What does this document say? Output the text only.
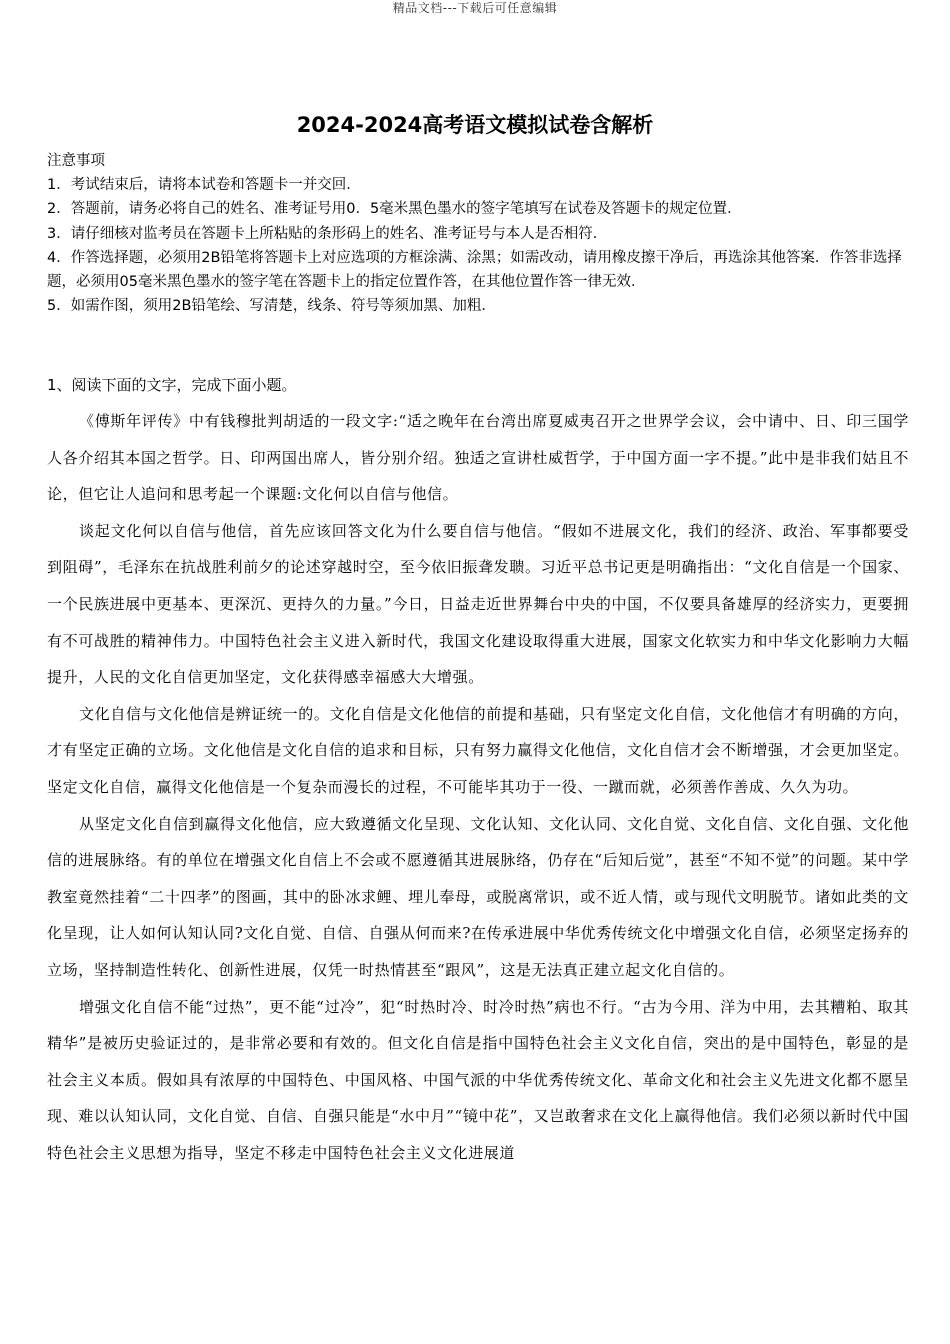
精品文档---下载后可任意编辑
2024-2024高考语文模拟试卷含解析
注意事项
1．考试结束后，请将本试卷和答题卡一并交回．
2．答题前，请务必将自己的姓名、准考证号用0．5毫米黑色墨水的签字笔填写在试卷及答题卡的规定位置．
3．请仔细核对监考员在答题卡上所粘贴的条形码上的姓名、准考证号与本人是否相符．
4．作答选择题，必须用2B铅笔将答题卡上对应选项的方框涂满、涂黑；如需改动，请用橡皮擦干净后，再选涂其他答案．作答非选择题，必须用05毫米黑色墨水的签字笔在答题卡上的指定位置作答，在其他位置作答一律无效．
5．如需作图，须用2B铅笔绘、写清楚，线条、符号等须加黑、加粗．
1、阅读下面的文字，完成下面小题。

《傅斯年评传》中有钱穆批判胡适的一段文字:“适之晚年在台湾出席夏威夷召开之世界学会议，会中请中、日、印三国学人各介绍其本国之哲学。日、印两国出席人，皆分别介绍。独适之宣讲杜威哲学，于中国方面一字不提。”此中是非我们姑且不论，但它让人追问和思考起一个课题:文化何以自信与他信。

谈起文化何以自信与他信，首先应该回答文化为什么要自信与他信。“假如不进展文化，我们的经济、政治、军事都要受到阻碍”，毛泽东在抗战胜利前夕的论述穿越时空，至今依旧振聋发聩。习近平总书记更是明确指出：“文化自信是一个国家、一个民族进展中更基本、更深沉、更持久的力量。”今日，日益走近世界舞台中央的中国，不仅要具备雄厚的经济实力，更要拥有不可战胜的精神伟力。中国特色社会主义进入新时代，我国文化建设取得重大进展，国家文化软实力和中华文化影响力大幅提升，人民的文化自信更加坚定，文化获得感幸福感大大增强。

文化自信与文化他信是辨证统一的。文化自信是文化他信的前提和基础，只有坚定文化自信，文化他信才有明确的方向，才有坚定正确的立场。文化他信是文化自信的追求和目标，只有努力赢得文化他信，文化自信才会不断增强，才会更加坚定。坚定文化自信，赢得文化他信是一个复杂而漫长的过程，不可能毕其功于一役、一蹴而就，必须善作善成、久久为功。

从坚定文化自信到赢得文化他信，应大致遵循文化呈现、文化认知、文化认同、文化自觉、文化自信、文化自强、文化他信的进展脉络。有的单位在增强文化自信上不会或不愿遵循其进展脉络，仍存在“后知后觉”，甚至“不知不觉”的问题。某中学教室竟然挂着“二十四孝”的图画，其中的卧冰求鲤、埋儿奉母，或脱离常识，或不近人情，或与现代文明脱节。诸如此类的文化呈现，让人如何认知认同?文化自觉、自信、自强从何而来?在传承进展中华优秀传统文化中增强文化自信，必须坚定扬弃的立场，坚持制造性转化、创新性进展，仅凭一时热情甚至“跟风”，这是无法真正建立起文化自信的。

增强文化自信不能“过热”，更不能“过冷”，犯“时热时冷、时冷时热”病也不行。“古为今用、洋为中用，去其糟粕、取其精华”是被历史验证过的，是非常必要和有效的。但文化自信是指中国特色社会主义文化自信，突出的是中国特色，彰显的是社会主义本质。假如具有浓厚的中国特色、中国风格、中国气派的中华优秀传统文化、革命文化和社会主义先进文化都不愿呈现、难以认知认同，文化自觉、自信、自强只能是“水中月”“镜中花”，又岂敢奢求在文化上赢得他信。我们必须以新时代中国特色社会主义思想为指导，坚定不移走中国特色社会主义文化进展道
